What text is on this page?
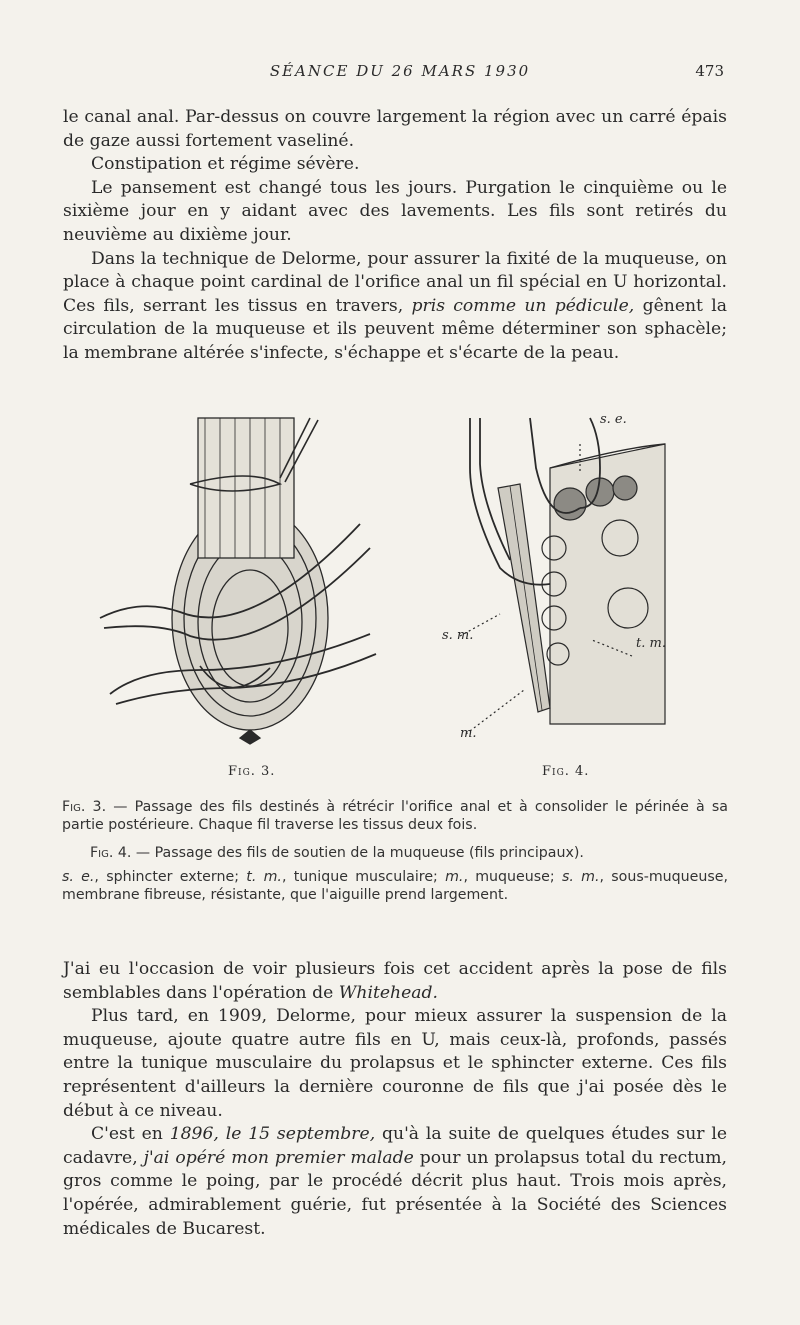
SÉANCE DU 26 MARS 1930	473

le canal anal. Par-dessus on couvre largement la région avec un carré épais de gaze aussi fortement vaseliné.

Constipation et régime sévère.

Le pansement est changé tous les jours. Purgation le cinquième ou le sixième jour en y aidant avec des lavements. Les fils sont retirés du neuvième au dixième jour.

Dans la technique de Delorme, pour assurer la fixité de la muqueuse, on place à chaque point cardinal de l'orifice anal un fil spécial en U horizontal. Ces fils, serrant les tissus en travers, pris comme un pédicule, gênent la circulation de la muqueuse et ils peuvent même déterminer son sphacèle; la membrane altérée s'infecte, s'échappe et s'écarte de la peau.

s. e.
s. m.
t. m.
m.
Fig. 3.	Fig. 4.

Fig. 3. — Passage des fils destinés à rétrécir l'orifice anal et à consolider le périnée à sa partie postérieure. Chaque fil traverse les tissus deux fois.

Fig. 4. — Passage des fils de soutien de la muqueuse (fils principaux).

s. e., sphincter externe; t. m., tunique musculaire; m., muqueuse; s. m., sous-muqueuse, membrane fibreuse, résistante, que l'aiguille prend largement.

J'ai eu l'occasion de voir plusieurs fois cet accident après la pose de fils semblables dans l'opération de Whitehead.

Plus tard, en 1909, Delorme, pour mieux assurer la suspension de la muqueuse, ajoute quatre autre fils en U, mais ceux-là, profonds, passés entre la tunique musculaire du prolapsus et le sphincter externe. Ces fils représentent d'ailleurs la dernière couronne de fils que j'ai posée dès le début à ce niveau.

C'est en 1896, le 15 septembre, qu'à la suite de quelques études sur le cadavre, j'ai opéré mon premier malade pour un prolapsus total du rectum, gros comme le poing, par le procédé décrit plus haut. Trois mois après, l'opérée, admirablement guérie, fut présentée à la Société des Sciences médicales de Bucarest.
